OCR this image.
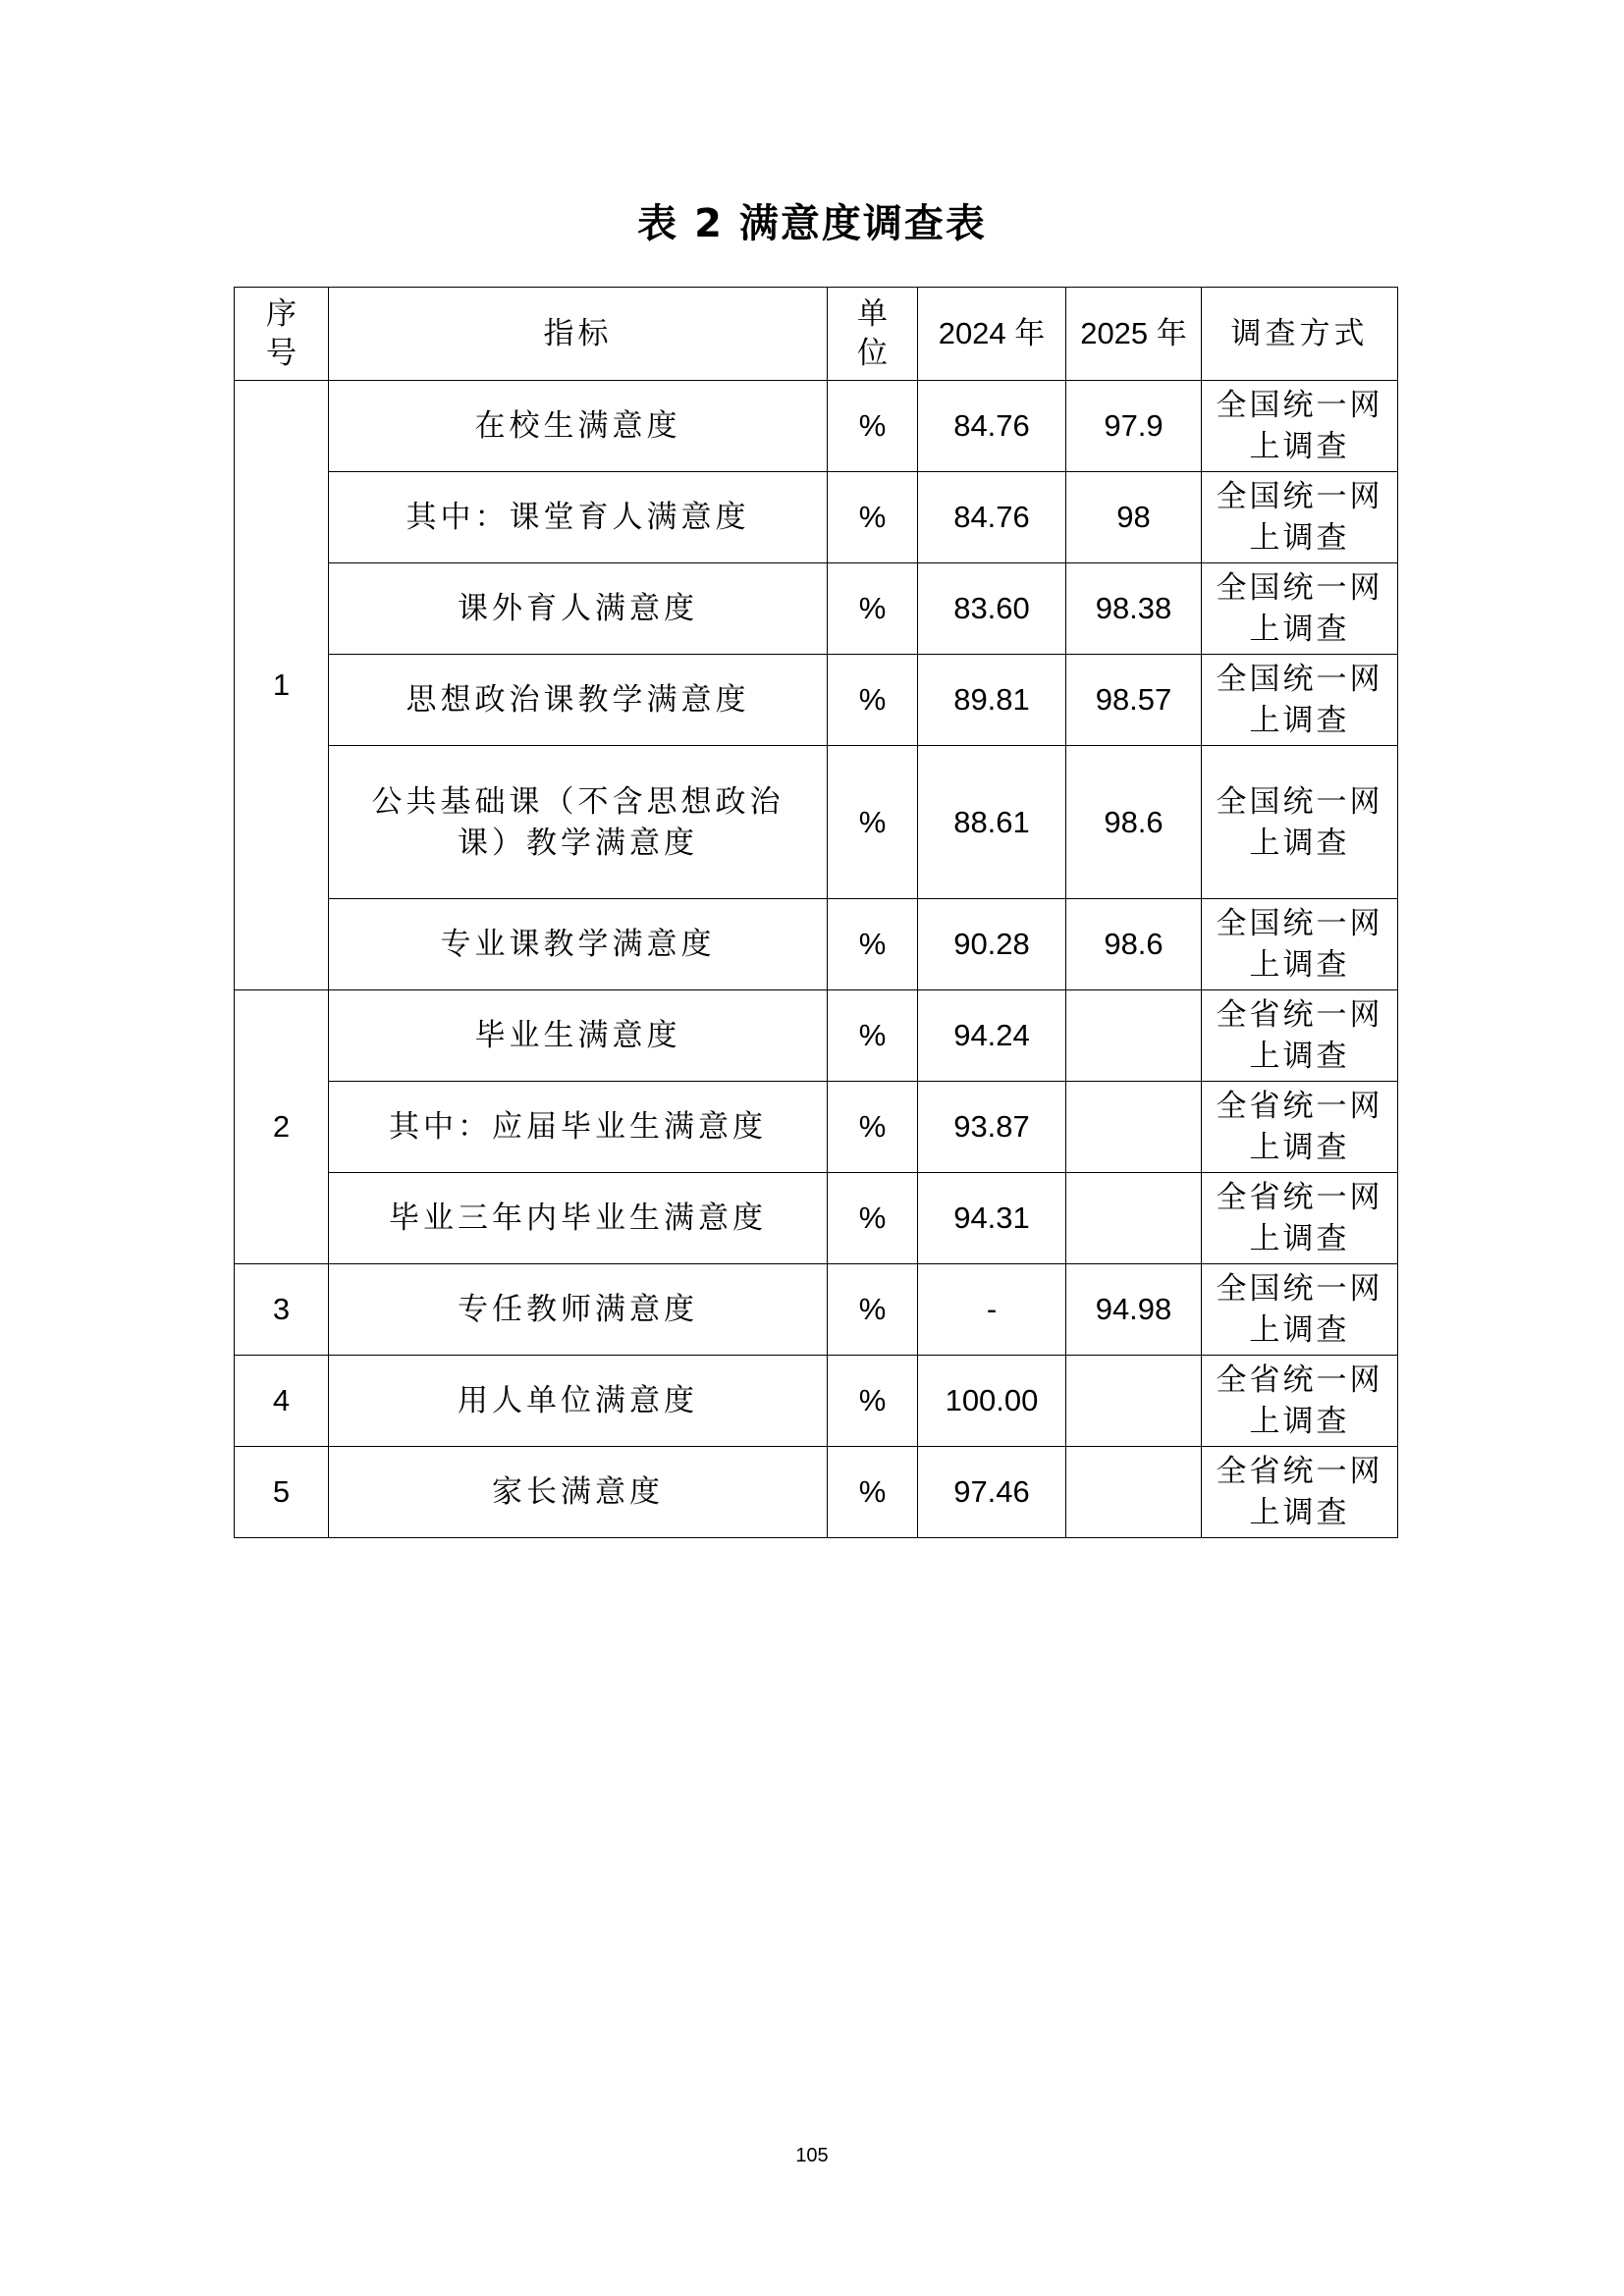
表 2 满意度调查表
序号	指标	单位	2024 年	2025 年	调查方式
1	在校生满意度	%	84.76	97.9	全国统一网上调查

	其中：课堂育人满意度	%	84.76	98	全国统一网上调查

	课外育人满意度	%	83.60	98.38	全国统一网上调查

	思想政治课教学满意度	%	89.81	98.57	全国统一网上调查

	公共基础课（不含思想政治课）教学满意度	%	88.61	98.6	全国统一网上调查

	专业课教学满意度	%	90.28	98.6	全国统一网上调查

2	毕业生满意度	%	94.24		全省统一网上调查

	其中：应届毕业生满意度	%	93.87		全省统一网上调查

	毕业三年内毕业生满意度	%	94.31		全省统一网上调查

3	专任教师满意度	%	-	94.98	全国统一网上调查

4	用人单位满意度	%	100.00		全省统一网上调查

5	家长满意度	%	97.46		全省统一网上调查
105
